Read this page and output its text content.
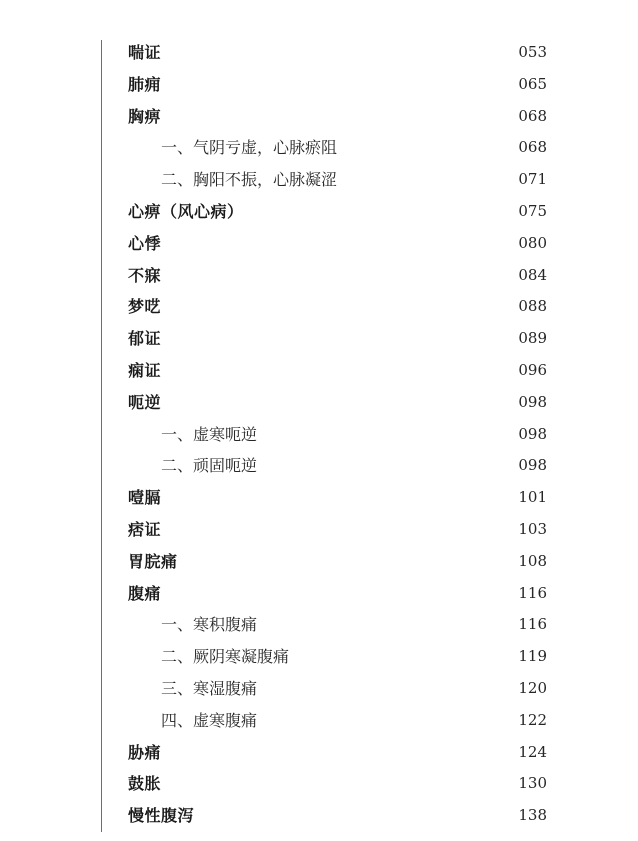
喘证	053
肺痈	065
胸痹	068
一、气阴亏虚，心脉瘀阻	068
二、胸阳不振，心脉凝涩	071
心痹（风心病）	075
心悸	080
不寐	084
梦呓	088
郁证	089
痫证	096
呃逆	098
一、虚寒呃逆	098
二、顽固呃逆	098
噎膈	101
痞证	103
胃脘痛	108
腹痛	116
一、寒积腹痛	116
二、厥阴寒凝腹痛	119
三、寒湿腹痛	120
四、虚寒腹痛	122
胁痛	124
鼓胀	130
慢性腹泻	138
